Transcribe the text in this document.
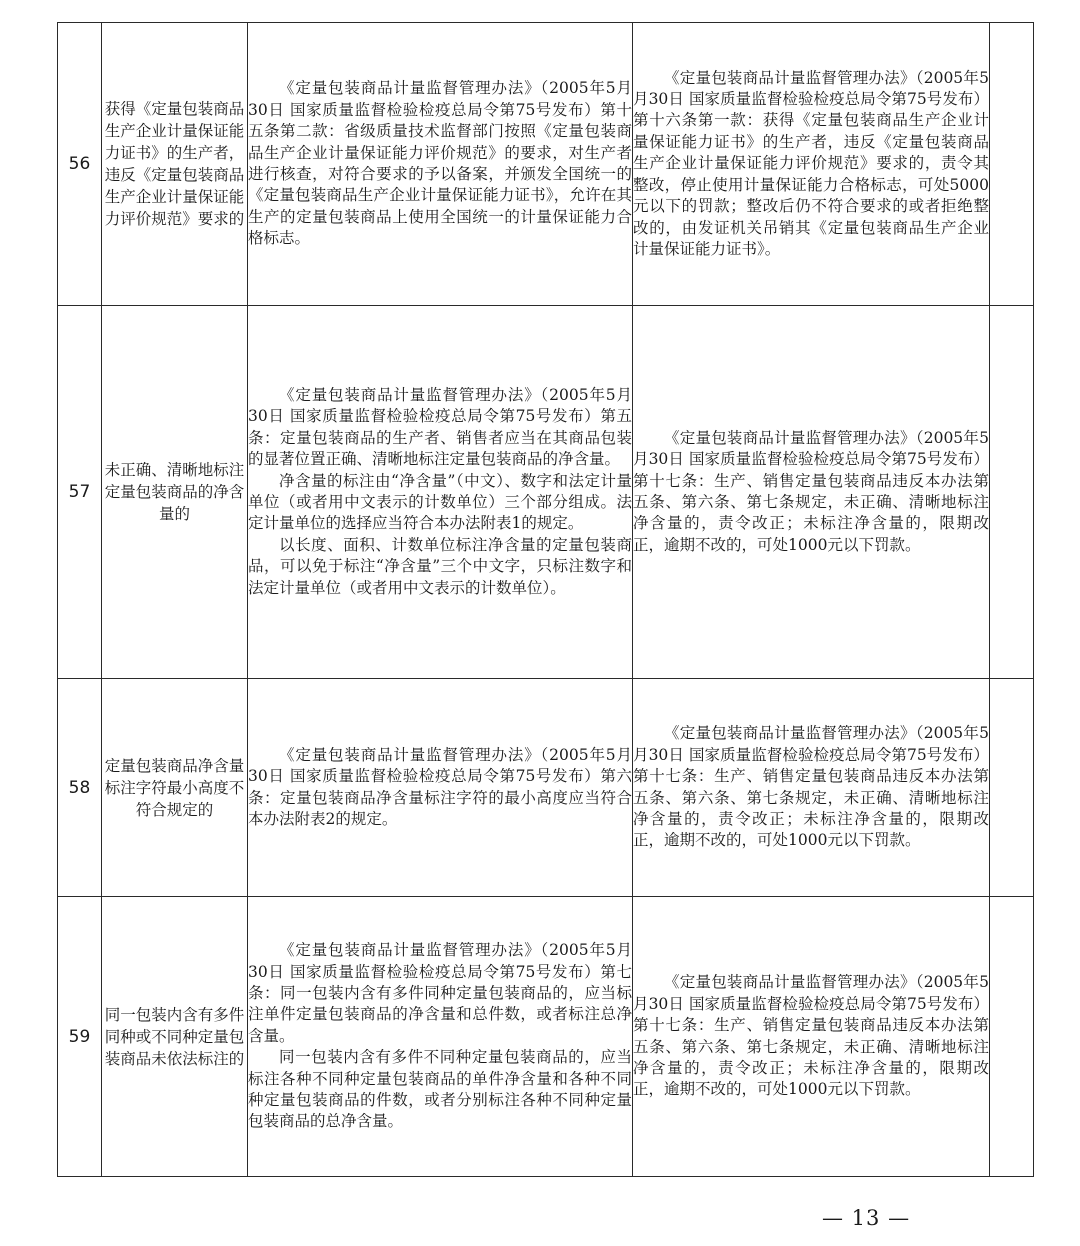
56	获得《定量包装商品生产企业计量保证能力证书》的生产者，违反《定量包装商品生产企业计量保证能力评价规范》要求的	《定量包装商品计量监督管理办法》（2005年5月30日 国家质量监督检验检疫总局令第75号发布）第十五条第二款：省级质量技术监督部门按照《定量包装商品生产企业计量保证能力评价规范》的要求，对生产者进行核查，对符合要求的予以备案，并颁发全国统一的《定量包装商品生产企业计量保证能力证书》，允许在其生产的定量包装商品上使用全国统一的计量保证能力合格标志。	《定量包装商品计量监督管理办法》（2005年5月30日 国家质量监督检验检疫总局令第75号发布）第十六条第一款：获得《定量包装商品生产企业计量保证能力证书》的生产者，违反《定量包装商品生产企业计量保证能力评价规范》要求的，责令其整改，停止使用计量保证能力合格标志，可处5000元以下的罚款；整改后仍不符合要求的或者拒绝整改的，由发证机关吊销其《定量包装商品生产企业计量保证能力证书》。	

57	未正确、清晰地标注定量包装商品的净含量的	《定量包装商品计量监督管理办法》（2005年5月30日 国家质量监督检验检疫总局令第75号发布）第五条：定量包装商品的生产者、销售者应当在其商品包装的显著位置正确、清晰地标注定量包装商品的净含量。

净含量的标注由“净含量”（中文）、数字和法定计量单位（或者用中文表示的计数单位）三个部分组成。法定计量单位的选择应当符合本办法附表1的规定。

以长度、面积、计数单位标注净含量的定量包装商品，可以免于标注“净含量”三个中文字，只标注数字和法定计量单位（或者用中文表示的计数单位）。	《定量包装商品计量监督管理办法》（2005年5月30日 国家质量监督检验检疫总局令第75号发布）第十七条：生产、销售定量包装商品违反本办法第五条、第六条、第七条规定，未正确、清晰地标注净含量的，责令改正；未标注净含量的，限期改正，逾期不改的，可处1000元以下罚款。	

58	定量包装商品净含量标注字符最小高度不符合规定的	《定量包装商品计量监督管理办法》（2005年5月30日 国家质量监督检验检疫总局令第75号发布）第六条：定量包装商品净含量标注字符的最小高度应当符合本办法附表2的规定。	《定量包装商品计量监督管理办法》（2005年5月30日 国家质量监督检验检疫总局令第75号发布）第十七条：生产、销售定量包装商品违反本办法第五条、第六条、第七条规定，未正确、清晰地标注净含量的，责令改正；未标注净含量的，限期改正，逾期不改的，可处1000元以下罚款。	

59	同一包装内含有多件同种或不同种定量包装商品未依法标注的	《定量包装商品计量监督管理办法》（2005年5月30日 国家质量监督检验检疫总局令第75号发布）第七条：同一包装内含有多件同种定量包装商品的，应当标注单件定量包装商品的净含量和总件数，或者标注总净含量。

同一包装内含有多件不同种定量包装商品的，应当标注各种不同种定量包装商品的单件净含量和各种不同种定量包装商品的件数，或者分别标注各种不同种定量包装商品的总净含量。	《定量包装商品计量监督管理办法》（2005年5月30日 国家质量监督检验检疫总局令第75号发布）第十七条：生产、销售定量包装商品违反本办法第五条、第六条、第七条规定，未正确、清晰地标注净含量的，责令改正；未标注净含量的，限期改正，逾期不改的，可处1000元以下罚款。	

— 13 —
